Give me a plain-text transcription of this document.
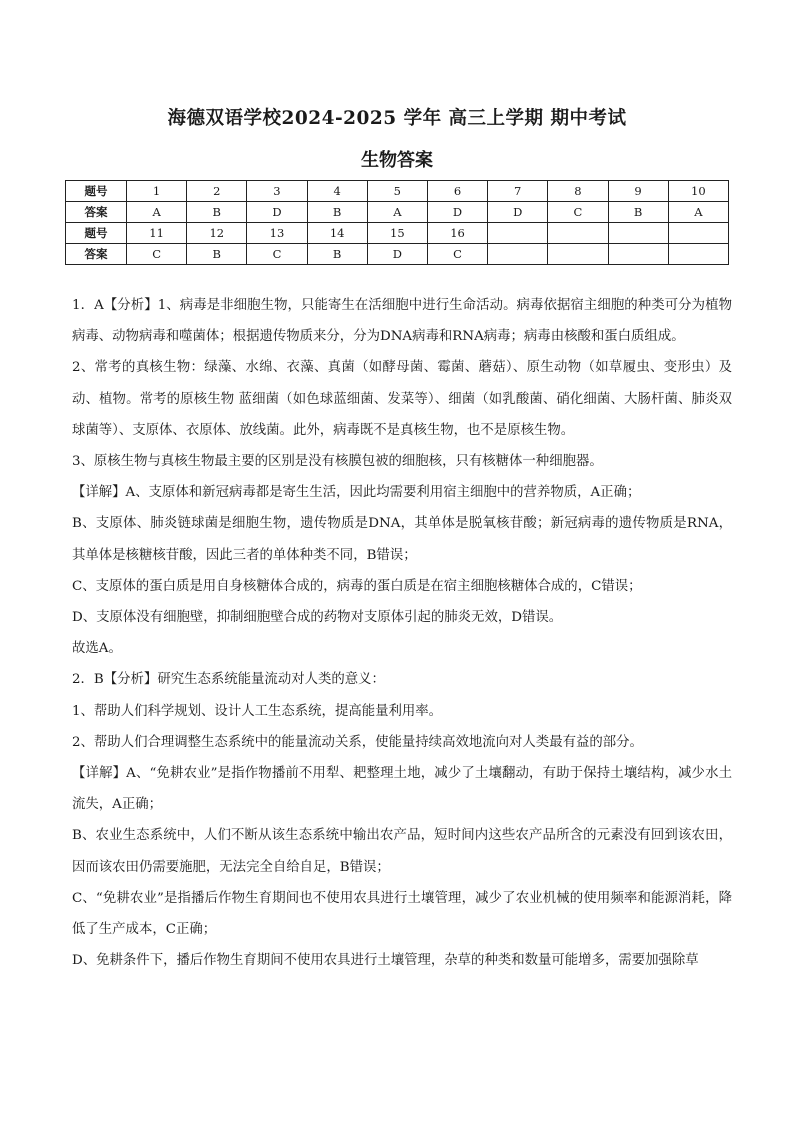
海德双语学校2024-2025 学年 高三上学期 期中考试
生物答案
题号	1	2	3	4	5	6	7	8	9	10
答案	A	B	D	B	A	D	D	C	B	A
题号	11	12	13	14	15	16				
答案	C	B	C	B	D	C				

1．A【分析】1、病毒是非细胞生物，只能寄生在活细胞中进行生命活动。病毒依据宿主细胞的种类可分为植物病毒、动物病毒和噬菌体；根据遗传物质来分，分为DNA病毒和RNA病毒；病毒由核酸和蛋白质组成。

2、常考的真核生物：绿藻、水绵、衣藻、真菌（如酵母菌、霉菌、蘑菇）、原生动物（如草履虫、变形虫）及动、植物。常考的原核生物 蓝细菌（如色球蓝细菌、发菜等）、细菌（如乳酸菌、硝化细菌、大肠杆菌、肺炎双球菌等）、支原体、衣原体、放线菌。此外，病毒既不是真核生物，也不是原核生物。

3、原核生物与真核生物最主要的区别是没有核膜包被的细胞核，只有核糖体一种细胞器。

【详解】A、支原体和新冠病毒都是寄生生活，因此均需要利用宿主细胞中的营养物质，A正确；

B、支原体、肺炎链球菌是细胞生物，遗传物质是DNA，其单体是脱氧核苷酸；新冠病毒的遗传物质是RNA，其单体是核糖核苷酸，因此三者的单体种类不同，B错误；

C、支原体的蛋白质是用自身核糖体合成的，病毒的蛋白质是在宿主细胞核糖体合成的，C错误；

D、支原体没有细胞壁，抑制细胞壁合成的药物对支原体引起的肺炎无效，D错误。

故选A。

2．B【分析】研究生态系统能量流动对人类的意义：

1、帮助人们科学规划、设计人工生态系统，提高能量利用率。

2、帮助人们合理调整生态系统中的能量流动关系，使能量持续高效地流向对人类最有益的部分。

【详解】A、“免耕农业”是指作物播前不用犁、耙整理土地，减少了土壤翻动，有助于保持土壤结构，减少水土流失，A正确；

B、农业生态系统中，人们不断从该生态系统中输出农产品，短时间内这些农产品所含的元素没有回到该农田，因而该农田仍需要施肥，无法完全自给自足，B错误；

C、“免耕农业”是指播后作物生育期间也不使用农具进行土壤管理，减少了农业机械的使用频率和能源消耗，降低了生产成本，C正确；

D、免耕条件下，播后作物生育期间不使用农具进行土壤管理，杂草的种类和数量可能增多，需要加强除草
